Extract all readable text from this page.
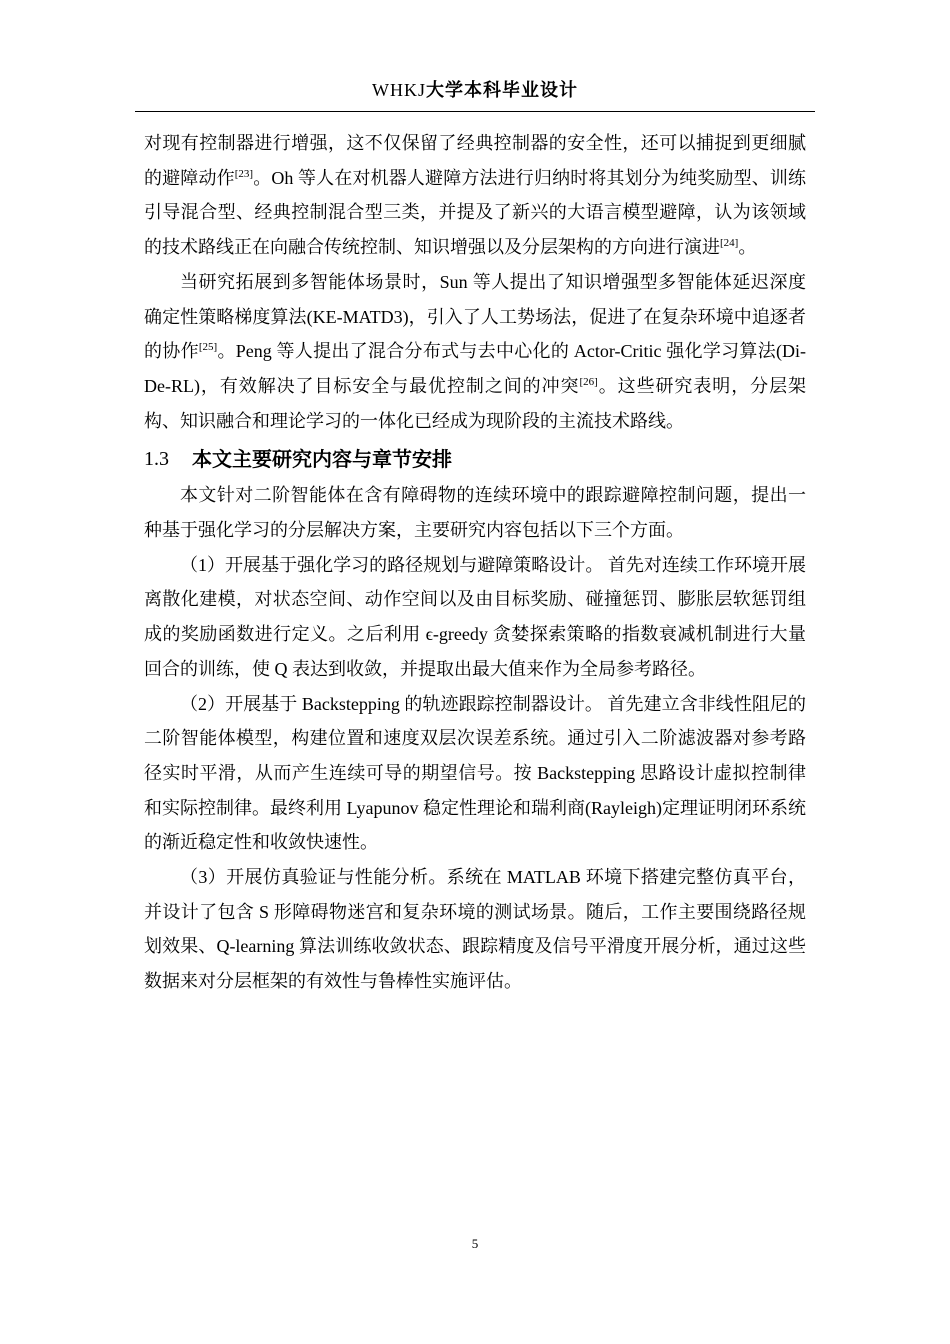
WHKJ大学本科毕业设计

对现有控制器进行增强，这不仅保留了经典控制器的安全性，还可以捕捉到更细腻的避障动作[23]。Oh 等人在对机器人避障方法进行归纳时将其划分为纯奖励型、训练引导混合型、经典控制混合型三类，并提及了新兴的大语言模型避障，认为该领域的技术路线正在向融合传统控制、知识增强以及分层架构的方向进行演进[24]。

当研究拓展到多智能体场景时，Sun 等人提出了知识增强型多智能体延迟深度确定性策略梯度算法(KE-MATD3)，引入了人工势场法，促进了在复杂环境中追逐者的协作[25]。Peng 等人提出了混合分布式与去中心化的 Actor-Critic 强化学习算法(Di-De-RL)，有效解决了目标安全与最优控制之间的冲突[26]。这些研究表明，分层架构、知识融合和理论学习的一体化已经成为现阶段的主流技术路线。

1.3	本文主要研究内容与章节安排

本文针对二阶智能体在含有障碍物的连续环境中的跟踪避障控制问题，提出一种基于强化学习的分层解决方案，主要研究内容包括以下三个方面。

（1）开展基于强化学习的路径规划与避障策略设计。 首先对连续工作环境开展离散化建模，对状态空间、动作空间以及由目标奖励、碰撞惩罚、膨胀层软惩罚组成的奖励函数进行定义。之后利用 ϵ-greedy 贪婪探索策略的指数衰减机制进行大量回合的训练，使 Q 表达到收敛，并提取出最大值来作为全局参考路径。

（2）开展基于 Backstepping 的轨迹跟踪控制器设计。 首先建立含非线性阻尼的二阶智能体模型，构建位置和速度双层次误差系统。通过引入二阶滤波器对参考路径实时平滑，从而产生连续可导的期望信号。按 Backstepping 思路设计虚拟控制律和实际控制律。最终利用 Lyapunov 稳定性理论和瑞利商(Rayleigh)定理证明闭环系统的渐近稳定性和收敛快速性。

（3）开展仿真验证与性能分析。系统在 MATLAB 环境下搭建完整仿真平台，并设计了包含 S 形障碍物迷宫和复杂环境的测试场景。随后，工作主要围绕路径规划效果、Q-learning 算法训练收敛状态、跟踪精度及信号平滑度开展分析，通过这些数据来对分层框架的有效性与鲁棒性实施评估。

5
